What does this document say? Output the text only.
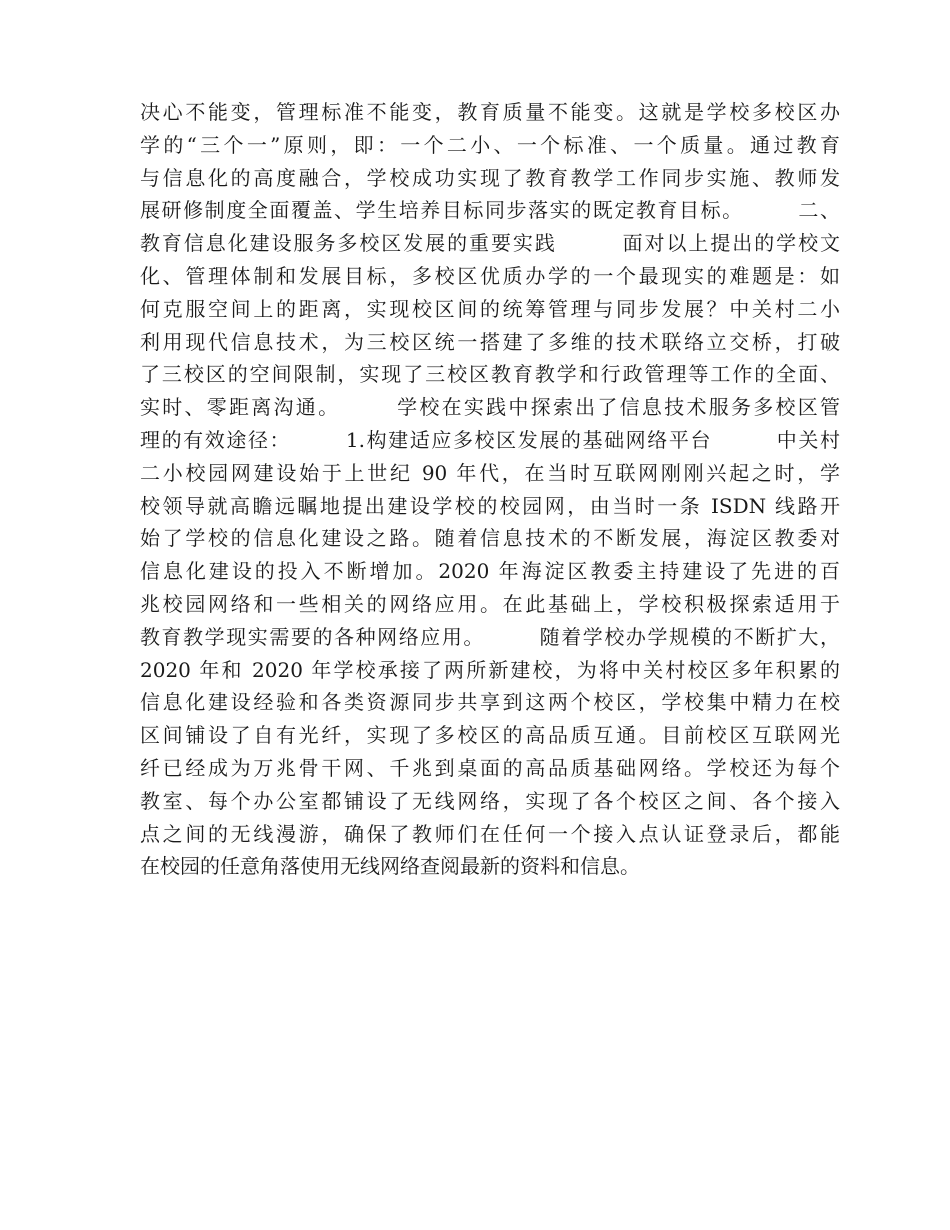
决心不能变，管理标准不能变，教育质量不能变。这就是学校多校区办
学的“三个一”原则，即：一个二小、一个标准、一个质量。通过教育
与信息化的高度融合，学校成功实现了教育教学工作同步实施、教师发
展研修制度全面覆盖、学生培养目标同步落实的既定教育目标。　　　二、
教育信息化建设服务多校区发展的重要实践　　　面对以上提出的学校文
化、管理体制和发展目标，多校区优质办学的一个最现实的难题是：如
何克服空间上的距离，实现校区间的统筹管理与同步发展？中关村二小
利用现代信息技术，为三校区统一搭建了多维的技术联络立交桥，打破
了三校区的空间限制，实现了三校区教育教学和行政管理等工作的全面、
实时、零距离沟通。　　　学校在实践中探索出了信息技术服务多校区管
理的有效途径：　　　1.构建适应多校区发展的基础网络平台　　　中关村
二小校园网建设始于上世纪 90 年代，在当时互联网刚刚兴起之时，学
校领导就高瞻远瞩地提出建设学校的校园网，由当时一条 ISDN 线路开
始了学校的信息化建设之路。随着信息技术的不断发展，海淀区教委对
信息化建设的投入不断增加。2020 年海淀区教委主持建设了先进的百
兆校园网络和一些相关的网络应用。在此基础上，学校积极探索适用于
教育教学现实需要的各种网络应用。　　　随着学校办学规模的不断扩大，
2020 年和 2020 年学校承接了两所新建校，为将中关村校区多年积累的
信息化建设经验和各类资源同步共享到这两个校区，学校集中精力在校
区间铺设了自有光纤，实现了多校区的高品质互通。目前校区互联网光
纤已经成为万兆骨干网、千兆到桌面的高品质基础网络。学校还为每个
教室、每个办公室都铺设了无线网络，实现了各个校区之间、各个接入
点之间的无线漫游，确保了教师们在任何一个接入点认证登录后，都能
在校园的任意角落使用无线网络查阅最新的资料和信息。
